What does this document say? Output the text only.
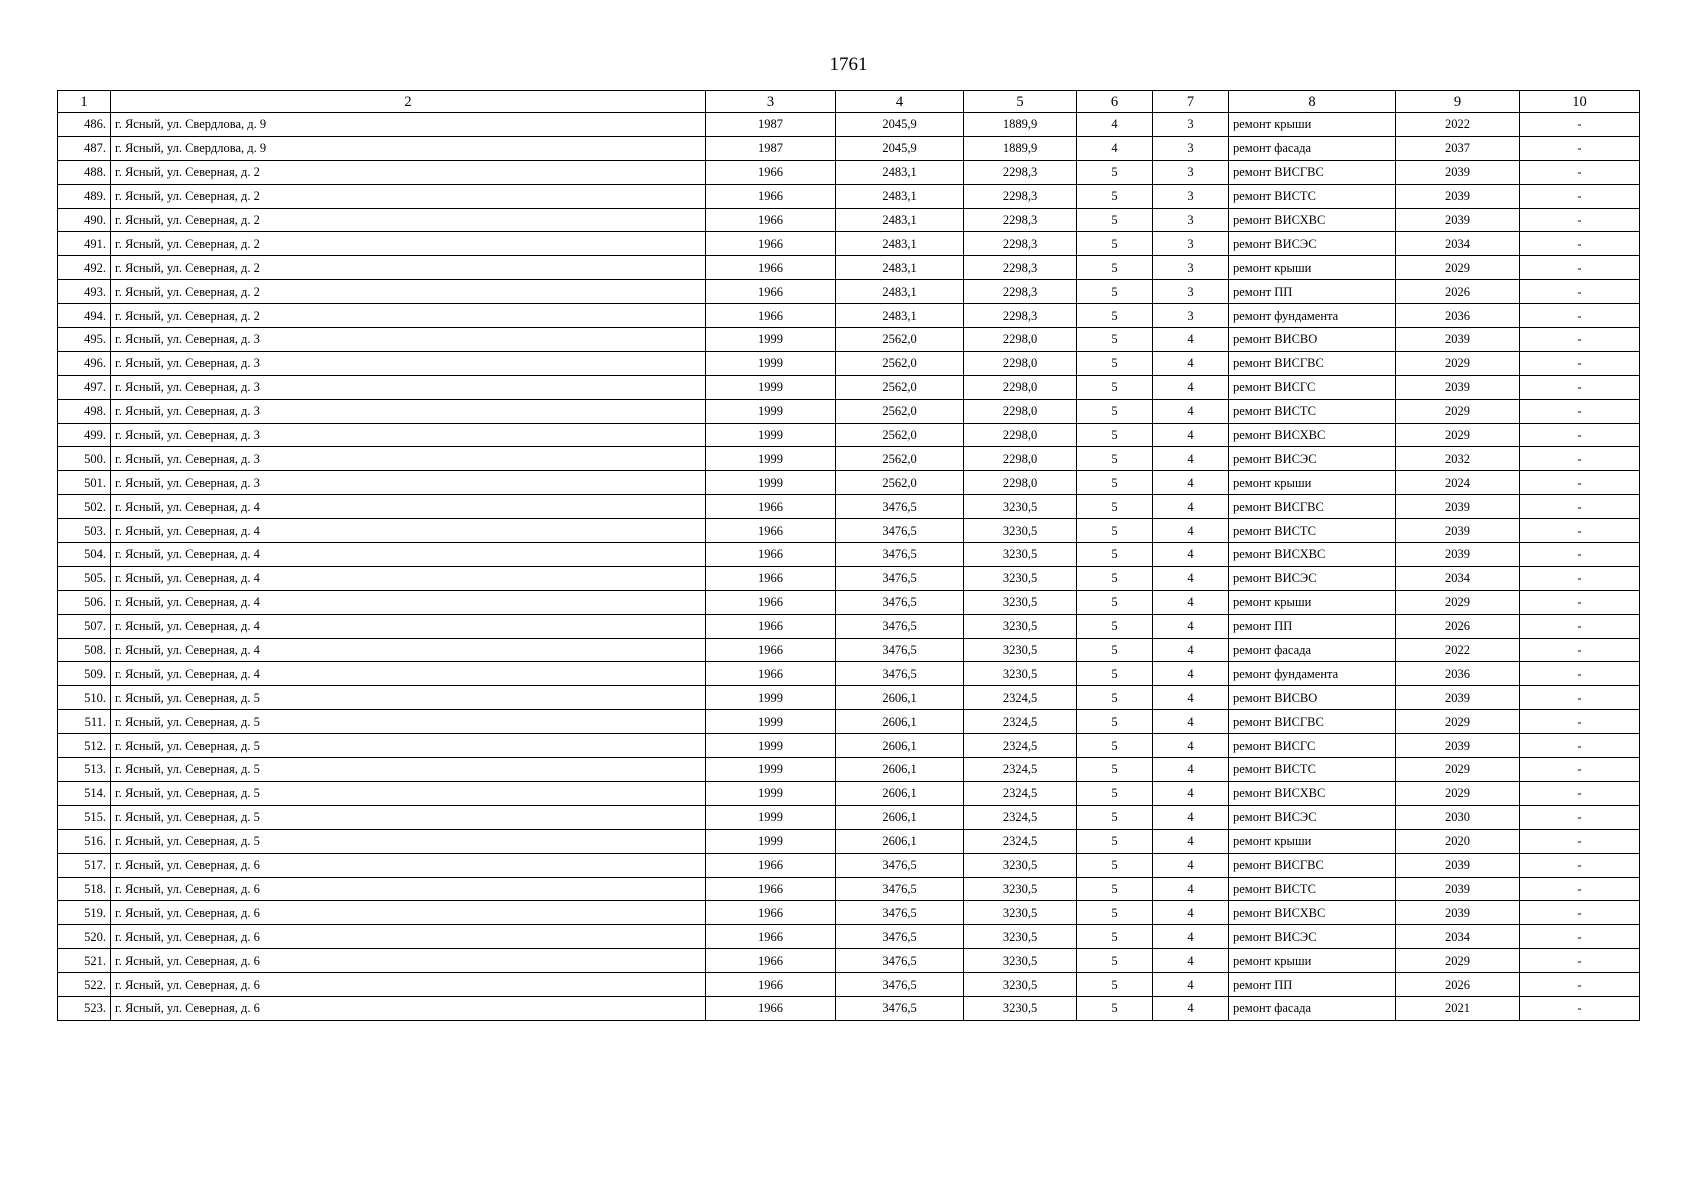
1761
1	2	3	4	5	6	7	8	9	10
486.	г. Ясный, ул. Свердлова, д. 9	1987	2045,9	1889,9	4	3	ремонт крыши	2022	-
487.	г. Ясный, ул. Свердлова, д. 9	1987	2045,9	1889,9	4	3	ремонт фасада	2037	-
488.	г. Ясный, ул. Северная, д. 2	1966	2483,1	2298,3	5	3	ремонт ВИСГВС	2039	-
489.	г. Ясный, ул. Северная, д. 2	1966	2483,1	2298,3	5	3	ремонт ВИСТС	2039	-
490.	г. Ясный, ул. Северная, д. 2	1966	2483,1	2298,3	5	3	ремонт ВИСХВС	2039	-
491.	г. Ясный, ул. Северная, д. 2	1966	2483,1	2298,3	5	3	ремонт ВИСЭС	2034	-
492.	г. Ясный, ул. Северная, д. 2	1966	2483,1	2298,3	5	3	ремонт крыши	2029	-
493.	г. Ясный, ул. Северная, д. 2	1966	2483,1	2298,3	5	3	ремонт ПП	2026	-
494.	г. Ясный, ул. Северная, д. 2	1966	2483,1	2298,3	5	3	ремонт фундамента	2036	-
495.	г. Ясный, ул. Северная, д. 3	1999	2562,0	2298,0	5	4	ремонт ВИСВО	2039	-
496.	г. Ясный, ул. Северная, д. 3	1999	2562,0	2298,0	5	4	ремонт ВИСГВС	2029	-
497.	г. Ясный, ул. Северная, д. 3	1999	2562,0	2298,0	5	4	ремонт ВИСГС	2039	-
498.	г. Ясный, ул. Северная, д. 3	1999	2562,0	2298,0	5	4	ремонт ВИСТС	2029	-
499.	г. Ясный, ул. Северная, д. 3	1999	2562,0	2298,0	5	4	ремонт ВИСХВС	2029	-
500.	г. Ясный, ул. Северная, д. 3	1999	2562,0	2298,0	5	4	ремонт ВИСЭС	2032	-
501.	г. Ясный, ул. Северная, д. 3	1999	2562,0	2298,0	5	4	ремонт крыши	2024	-
502.	г. Ясный, ул. Северная, д. 4	1966	3476,5	3230,5	5	4	ремонт ВИСГВС	2039	-
503.	г. Ясный, ул. Северная, д. 4	1966	3476,5	3230,5	5	4	ремонт ВИСТС	2039	-
504.	г. Ясный, ул. Северная, д. 4	1966	3476,5	3230,5	5	4	ремонт ВИСХВС	2039	-
505.	г. Ясный, ул. Северная, д. 4	1966	3476,5	3230,5	5	4	ремонт ВИСЭС	2034	-
506.	г. Ясный, ул. Северная, д. 4	1966	3476,5	3230,5	5	4	ремонт крыши	2029	-
507.	г. Ясный, ул. Северная, д. 4	1966	3476,5	3230,5	5	4	ремонт ПП	2026	-
508.	г. Ясный, ул. Северная, д. 4	1966	3476,5	3230,5	5	4	ремонт фасада	2022	-
509.	г. Ясный, ул. Северная, д. 4	1966	3476,5	3230,5	5	4	ремонт фундамента	2036	-
510.	г. Ясный, ул. Северная, д. 5	1999	2606,1	2324,5	5	4	ремонт ВИСВО	2039	-
511.	г. Ясный, ул. Северная, д. 5	1999	2606,1	2324,5	5	4	ремонт ВИСГВС	2029	-
512.	г. Ясный, ул. Северная, д. 5	1999	2606,1	2324,5	5	4	ремонт ВИСГС	2039	-
513.	г. Ясный, ул. Северная, д. 5	1999	2606,1	2324,5	5	4	ремонт ВИСТС	2029	-
514.	г. Ясный, ул. Северная, д. 5	1999	2606,1	2324,5	5	4	ремонт ВИСХВС	2029	-
515.	г. Ясный, ул. Северная, д. 5	1999	2606,1	2324,5	5	4	ремонт ВИСЭС	2030	-
516.	г. Ясный, ул. Северная, д. 5	1999	2606,1	2324,5	5	4	ремонт крыши	2020	-
517.	г. Ясный, ул. Северная, д. 6	1966	3476,5	3230,5	5	4	ремонт ВИСГВС	2039	-
518.	г. Ясный, ул. Северная, д. 6	1966	3476,5	3230,5	5	4	ремонт ВИСТС	2039	-
519.	г. Ясный, ул. Северная, д. 6	1966	3476,5	3230,5	5	4	ремонт ВИСХВС	2039	-
520.	г. Ясный, ул. Северная, д. 6	1966	3476,5	3230,5	5	4	ремонт ВИСЭС	2034	-
521.	г. Ясный, ул. Северная, д. 6	1966	3476,5	3230,5	5	4	ремонт крыши	2029	-
522.	г. Ясный, ул. Северная, д. 6	1966	3476,5	3230,5	5	4	ремонт ПП	2026	-
523.	г. Ясный, ул. Северная, д. 6	1966	3476,5	3230,5	5	4	ремонт фасада	2021	-
